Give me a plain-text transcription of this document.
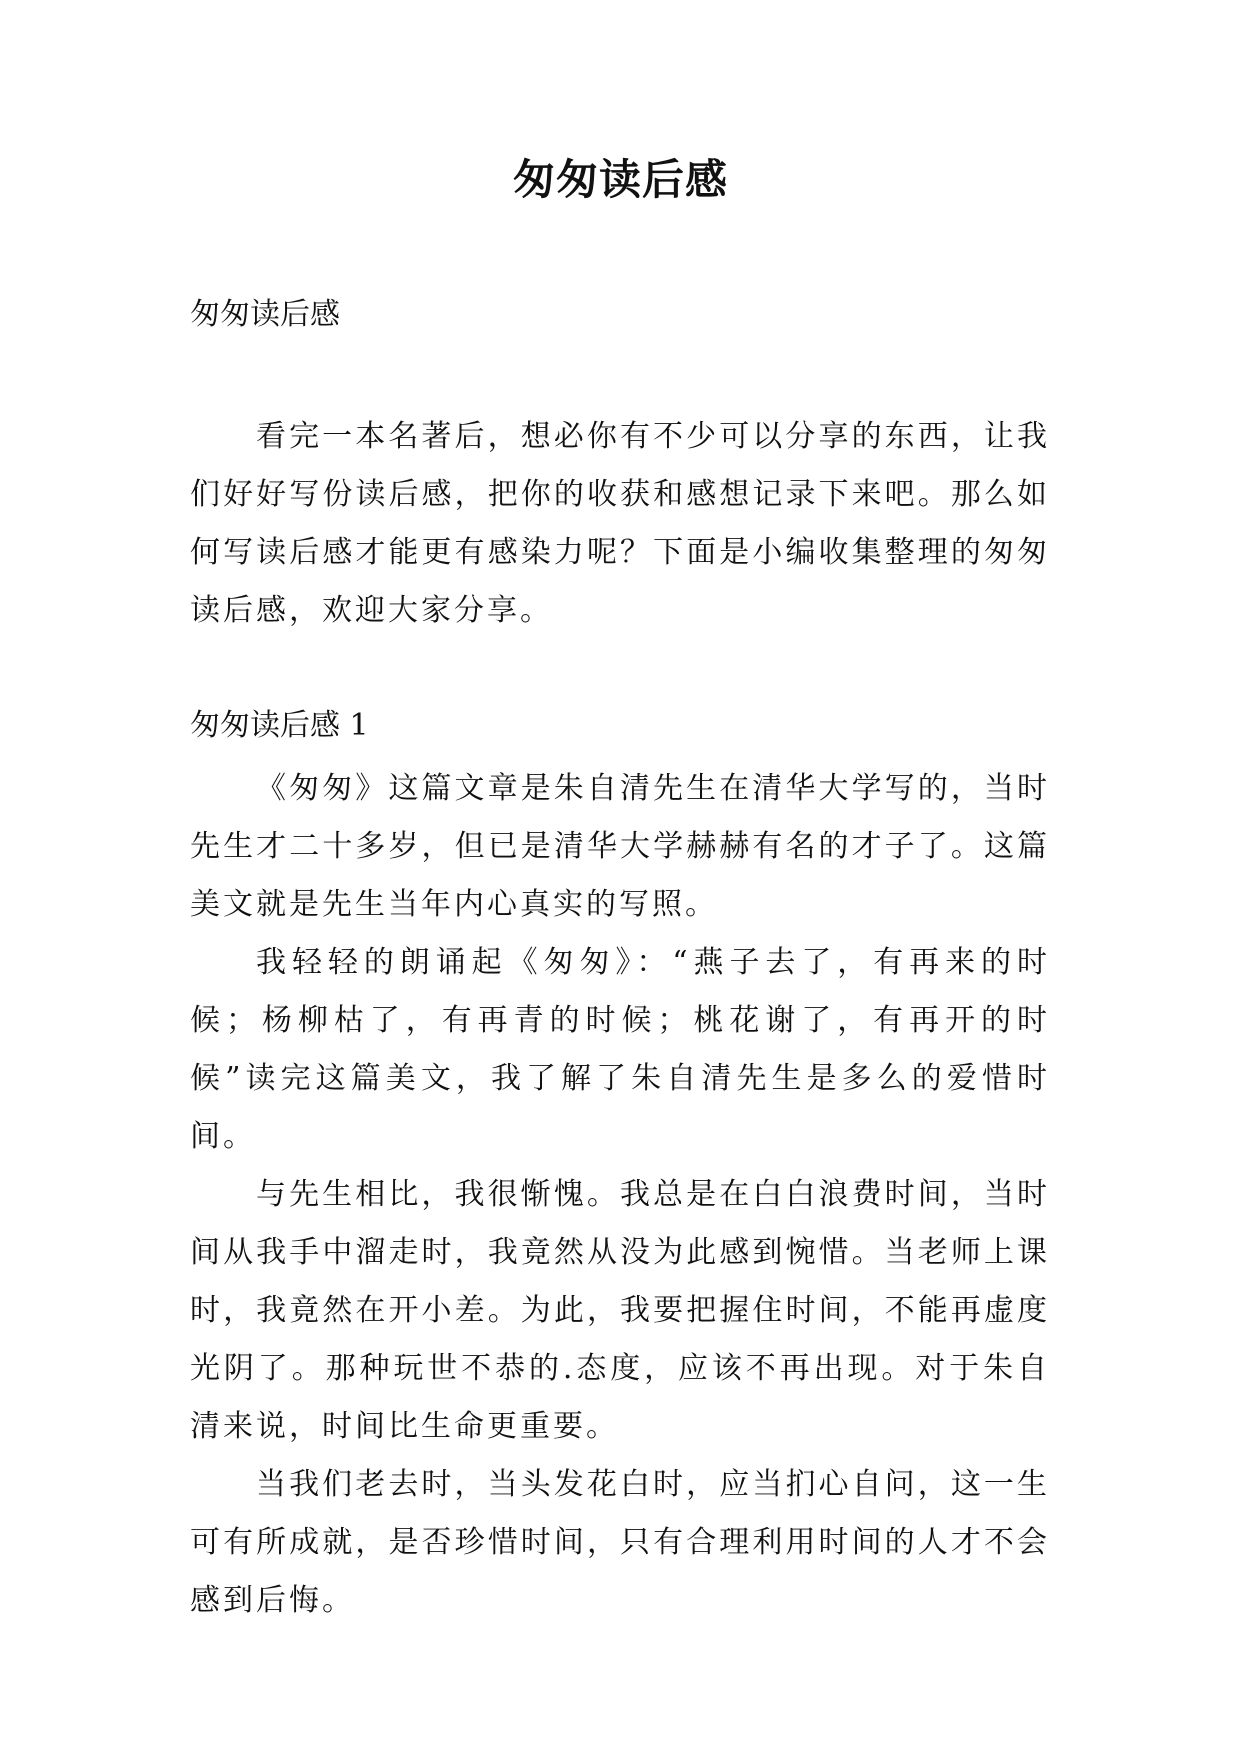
匆匆读后感
匆匆读后感

看完一本名著后，想必你有不少可以分享的东西，让我们好好写份读后感，把你的收获和感想记录下来吧。那么如何写读后感才能更有感染力呢？下面是小编收集整理的匆匆读后感，欢迎大家分享。

匆匆读后感 1

《匆匆》这篇文章是朱自清先生在清华大学写的，当时先生才二十多岁，但已是清华大学赫赫有名的才子了。这篇美文就是先生当年内心真实的写照。

我轻轻的朗诵起《匆匆》：“燕子去了，有再来的时候；杨柳枯了，有再青的时候；桃花谢了，有再开的时候”读完这篇美文，我了解了朱自清先生是多么的爱惜时间。

与先生相比，我很惭愧。我总是在白白浪费时间，当时间从我手中溜走时，我竟然从没为此感到惋惜。当老师上课时，我竟然在开小差。为此，我要把握住时间，不能再虚度光阴了。那种玩世不恭的.态度，应该不再出现。对于朱自清来说，时间比生命更重要。

当我们老去时，当头发花白时，应当扪心自问，这一生可有所成就，是否珍惜时间，只有合理利用时间的人才不会感到后悔。
